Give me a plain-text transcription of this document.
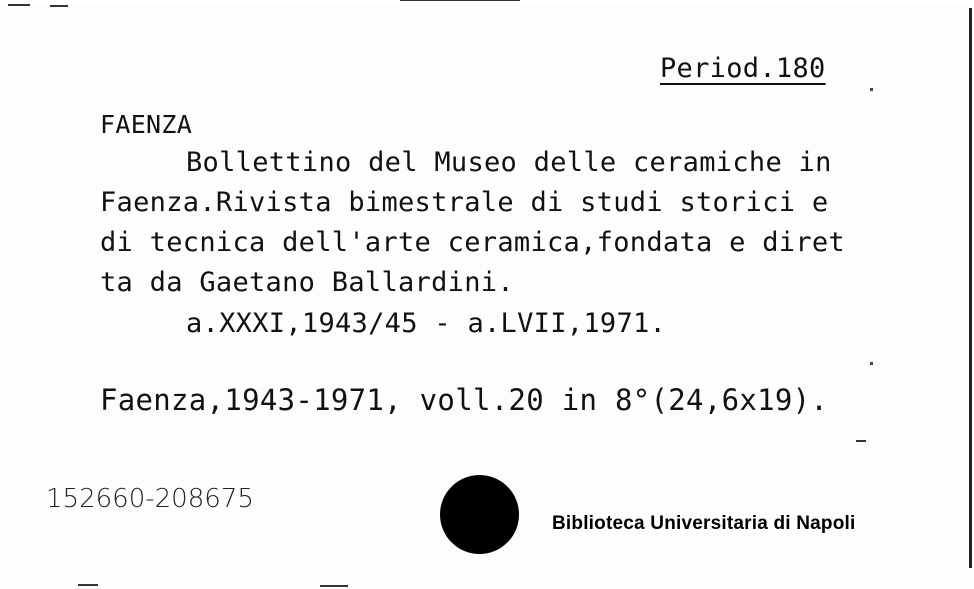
Period.180
FAENZA
Bollettino del Museo delle ceramiche in
Faenza.Rivista bimestrale di studi storici e
di tecnica dell'arte ceramica,fondata e diret
ta da Gaetano Ballardini.
a.XXXI,1943/45 - a.LVII,1971.
Faenza,1943-1971, voll.20 in 8°(24,6x19).
152660-208675
Biblioteca Universitaria di Napoli
